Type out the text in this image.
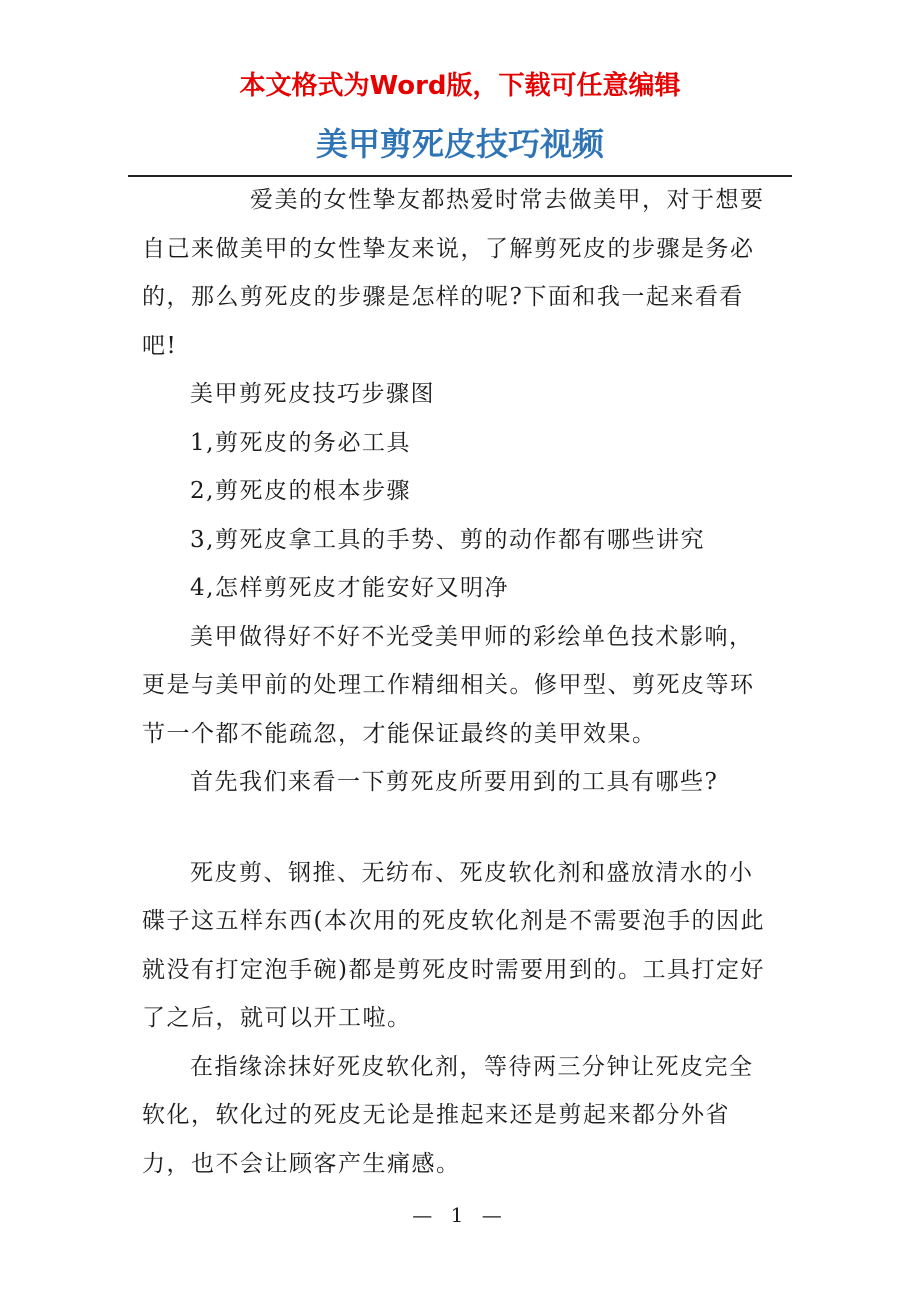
本文格式为Word版，下载可任意编辑
美甲剪死皮技巧视频

爱美的女性挚友都热爱时常去做美甲，对于想要自己来做美甲的女性挚友来说，了解剪死皮的步骤是务必的，那么剪死皮的步骤是怎样的呢?下面和我一起来看看吧!

美甲剪死皮技巧步骤图

1,剪死皮的务必工具

2,剪死皮的根本步骤

3,剪死皮拿工具的手势、剪的动作都有哪些讲究

4,怎样剪死皮才能安好又明净

美甲做得好不好不光受美甲师的彩绘单色技术影响，更是与美甲前的处理工作精细相关。修甲型、剪死皮等环节一个都不能疏忽，才能保证最终的美甲效果。

首先我们来看一下剪死皮所要用到的工具有哪些?

死皮剪、钢推、无纺布、死皮软化剂和盛放清水的小碟子这五样东西(本次用的死皮软化剂是不需要泡手的因此就没有打定泡手碗)都是剪死皮时需要用到的。工具打定好了之后，就可以开工啦。

在指缘涂抹好死皮软化剂，等待两三分钟让死皮完全软化，软化过的死皮无论是推起来还是剪起来都分外省力，也不会让顾客产生痛感。

— 1 —
